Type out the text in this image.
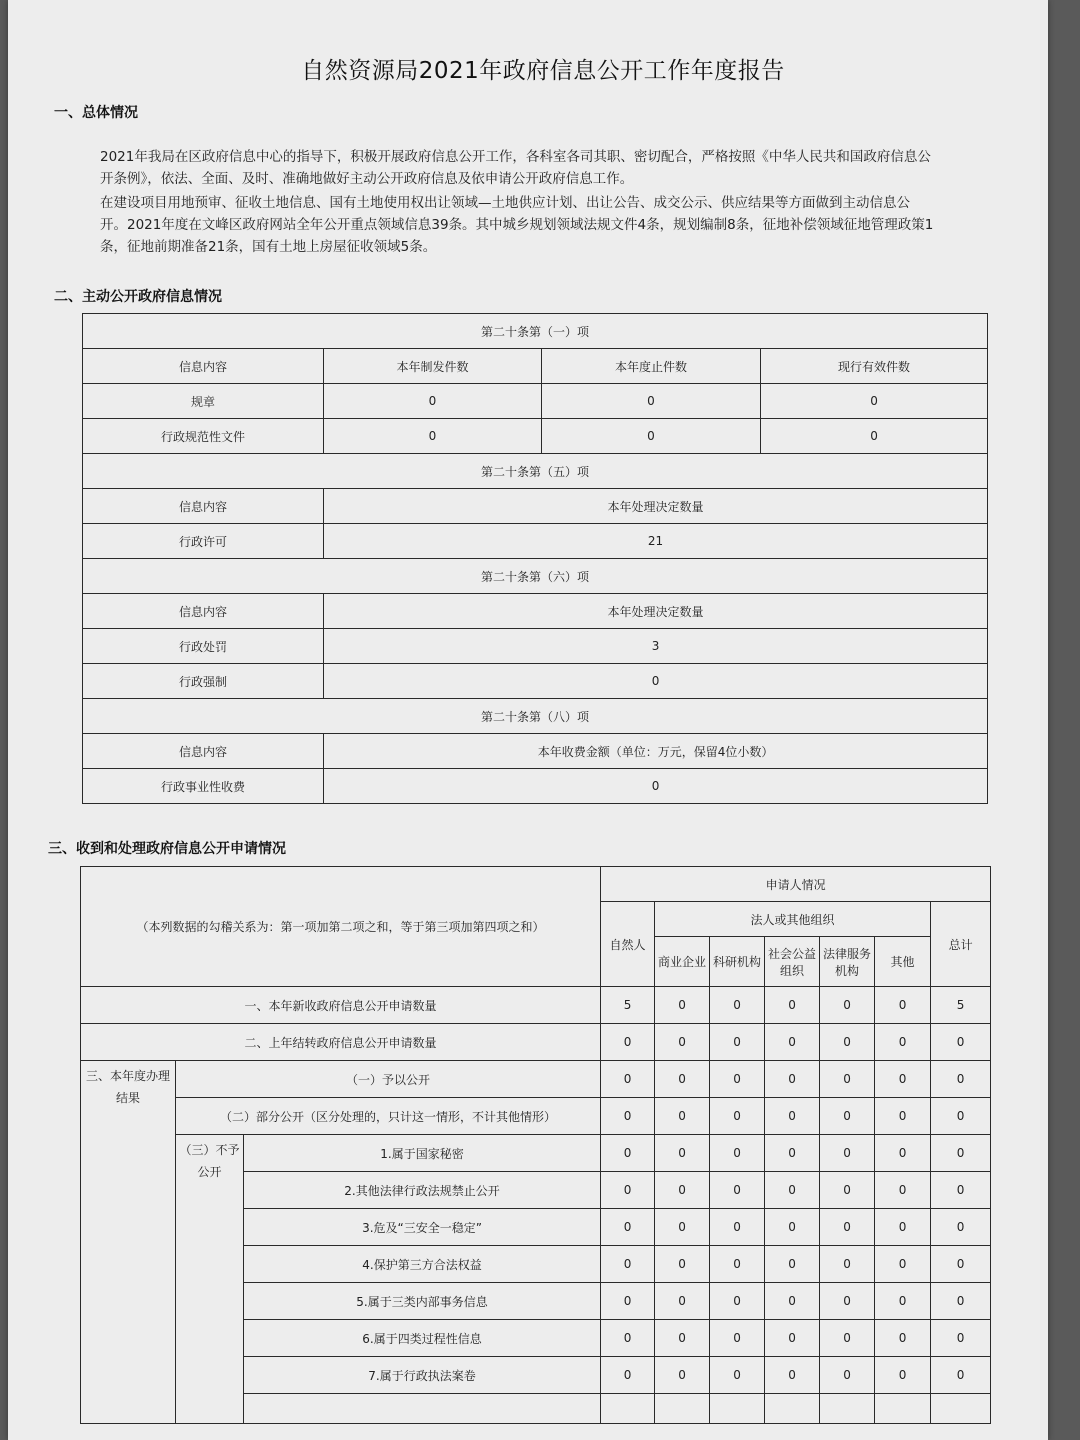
自然资源局2021年政府信息公开工作年度报告
一、总体情况
2021年我局在区政府信息中心的指导下，积极开展政府信息公开工作，各科室各司其职、密切配合，严格按照《中华人民共和国政府信息公
开条例》，依法、全面、及时、准确地做好主动公开政府信息及依申请公开政府信息工作。
在建设项目用地预审、征收土地信息、国有土地使用权出让领域—土地供应计划、出让公告、成交公示、供应结果等方面做到主动信息公
开。2021年度在文峰区政府网站全年公开重点领域信息39条。其中城乡规划领域法规文件4条，规划编制8条，征地补偿领域征地管理政策1
条，征地前期准备21条，国有土地上房屋征收领域5条。
二、主动公开政府信息情况
第二十条第（一）项			
信息内容	本年制发件数	本年度止件数	现行有效件数
规章	0	0	0
行政规范性文件	0	0	0
第二十条第（五）项			
信息内容	本年处理决定数量		
行政许可	21		
第二十条第（六）项			
信息内容	本年处理决定数量		
行政处罚	3		
行政强制	0		
第二十条第（八）项			
信息内容	本年收费金额（单位：万元，保留4位小数）		
行政事业性收费	0		
三、收到和处理政府信息公开申请情况
（本列数据的勾稽关系为：第一项加第二项之和，等于第三项加第四项之和）			申请人情况						
			自然人	法人或其他组织					总计
				商业企业	科研机构	社会公益组织	法律服务机构	其他	
一、本年新收政府信息公开申请数量			5	0	0	0	0	0	5
二、上年结转政府信息公开申请数量			0	0	0	0	0	0	0
三、本年度办理结果	（一）予以公开		0	0	0	0	0	0	0
	（二）部分公开（区分处理的，只计这一情形，不计其他情形）		0	0	0	0	0	0	0
	（三）不予公开	1.属于国家秘密	0	0	0	0	0	0	0
		2.其他法律行政法规禁止公开	0	0	0	0	0	0	0
		3.危及“三安全一稳定”	0	0	0	0	0	0	0
		4.保护第三方合法权益	0	0	0	0	0	0	0
		5.属于三类内部事务信息	0	0	0	0	0	0	0
		6.属于四类过程性信息	0	0	0	0	0	0	0
		7.属于行政执法案卷	0	0	0	0	0	0	0
